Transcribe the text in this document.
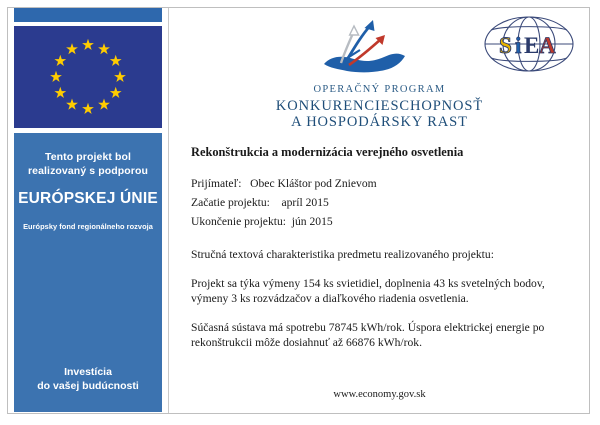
Tento projekt bol
realizovaný s podporou
EURÓPSKEJ ÚNIE
Európsky fond regionálneho rozvoja
Investícia
do vašej budúcnosti
S i E A
OPERAČNÝ PROGRAM
KONKURENCIESCHOPNOSŤ
A HOSPODÁRSKY RAST

Rekonštrukcia a modernizácia verejného osvetlenia

Prijímateľ:   Obec Kláštor pod Znievom

Začatie projektu:    apríl 2015

Ukončenie projektu:  jún 2015

Stručná textová charakteristika predmetu realizovaného projektu:

Projekt sa týka výmeny 154 ks svietidiel, doplnenia 43 ks svetelných bodov, výmeny 3 ks rozvádzačov a diaľkového riadenia osvetlenia.

Súčasná sústava má spotrebu 78745 kWh/rok. Úspora elektrickej energie po rekonštrukcii môže dosiahnuť až 66876 kWh/rok.

www.economy.gov.sk
